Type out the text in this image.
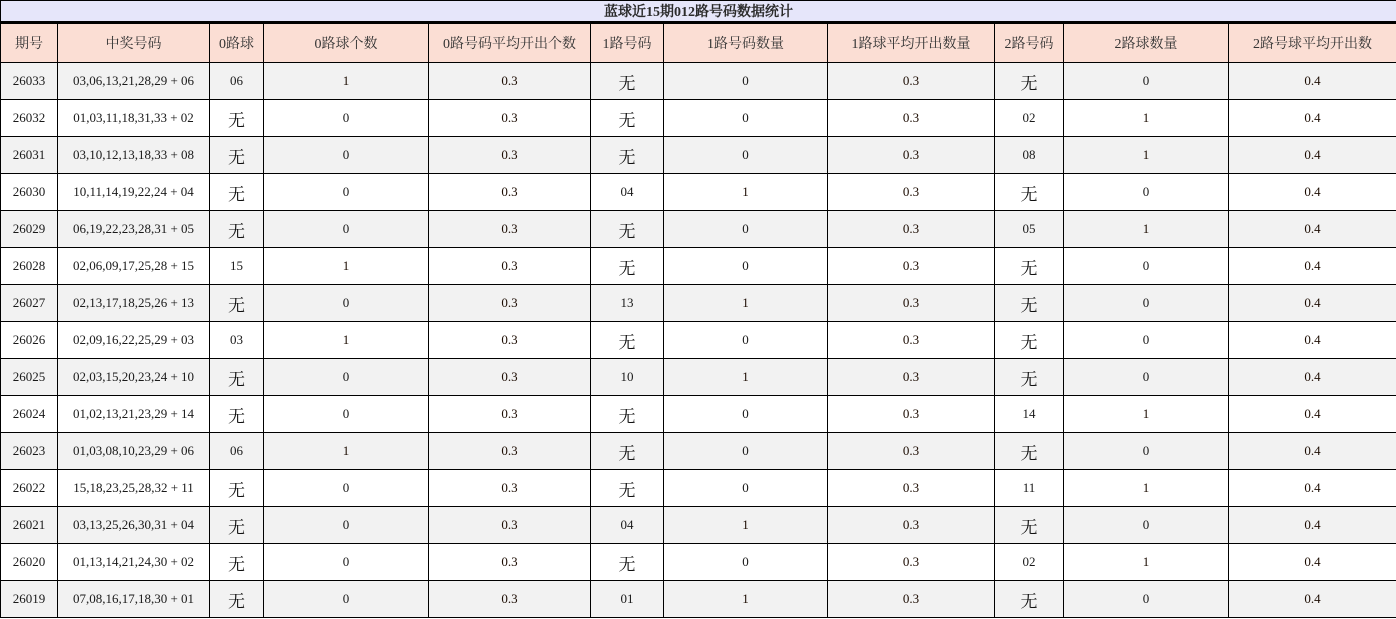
蓝球近15期012路号码数据统计										
期号	中奖号码	0路球	0路球个数	0路号码平均开出个数	1路号码	1路号码数量	1路球平均开出数量	2路号码	2路球数量	2路号球平均开出数
26033	03,06,13,21,28,29 + 06	06	1	0.3	无	0	0.3	无	0	0.4
26032	01,03,11,18,31,33 + 02	无	0	0.3	无	0	0.3	02	1	0.4
26031	03,10,12,13,18,33 + 08	无	0	0.3	无	0	0.3	08	1	0.4
26030	10,11,14,19,22,24 + 04	无	0	0.3	04	1	0.3	无	0	0.4
26029	06,19,22,23,28,31 + 05	无	0	0.3	无	0	0.3	05	1	0.4
26028	02,06,09,17,25,28 + 15	15	1	0.3	无	0	0.3	无	0	0.4
26027	02,13,17,18,25,26 + 13	无	0	0.3	13	1	0.3	无	0	0.4
26026	02,09,16,22,25,29 + 03	03	1	0.3	无	0	0.3	无	0	0.4
26025	02,03,15,20,23,24 + 10	无	0	0.3	10	1	0.3	无	0	0.4
26024	01,02,13,21,23,29 + 14	无	0	0.3	无	0	0.3	14	1	0.4
26023	01,03,08,10,23,29 + 06	06	1	0.3	无	0	0.3	无	0	0.4
26022	15,18,23,25,28,32 + 11	无	0	0.3	无	0	0.3	11	1	0.4
26021	03,13,25,26,30,31 + 04	无	0	0.3	04	1	0.3	无	0	0.4
26020	01,13,14,21,24,30 + 02	无	0	0.3	无	0	0.3	02	1	0.4
26019	07,08,16,17,18,30 + 01	无	0	0.3	01	1	0.3	无	0	0.4
